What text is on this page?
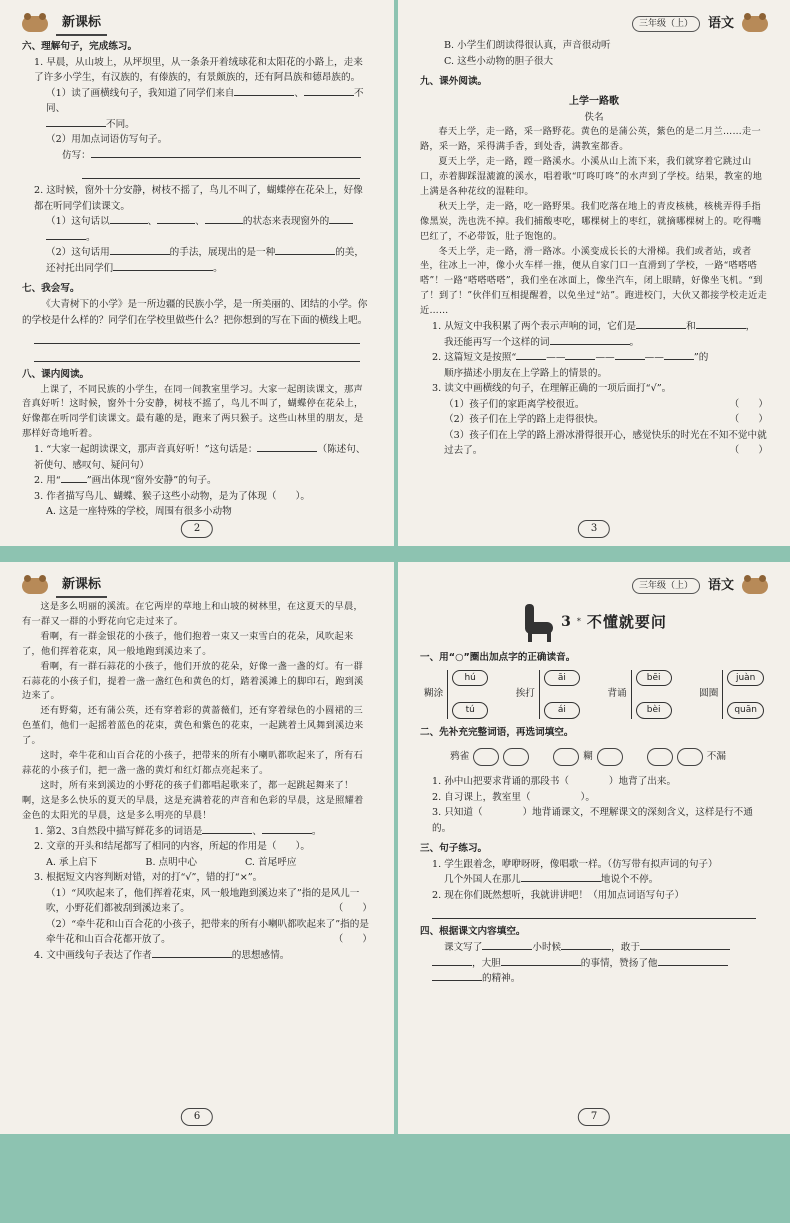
新课标
六、理解句子，完成练习。
1. 早晨，从山坡上，从坪坝里，从一条条开着绒球花和太阳花的小路上，走来了许多小学生，有汉族的，有傣族的，有景颇族的，还有阿昌族和德昂族的。
（1）读了画横线句子，我知道了同学们来自	、	不同、
不同。
（2）用加点词语仿写句子。
仿写：
2. 这时候，窗外十分安静，树枝不摇了，鸟儿不叫了，蝴蝶停在花朵上，好像都在听同学们读课文。
（1）这句话以	、	、	的状态来表现窗外的
。
（2）这句话用	的手法，展现出的是一种	的美，还衬托出同学们	。
七、我会写。
《大青树下的小学》是一所边疆的民族小学，是一所美丽的、团结的小学。你的学校是什么样的？同学们在学校里做些什么？把你想到的写在下面的横线上吧。
八、课内阅读。
上课了，不同民族的小学生，在同一间教室里学习。大家一起朗读课文，那声音真好听！这时候，窗外十分安静，树枝不摇了，鸟儿不叫了，蝴蝶停在花朵上，好像都在听同学们读课文。最有趣的是，跑来了两只猴子。这些山林里的朋友，是那样好奇地听着。
1. “大家一起朗读课文，那声音真好听！”这句话是：	（陈述句、祈使句、感叹句、疑问句）
2. 用“	”画出体现“窗外安静”的句子。
3. 作者描写鸟儿、蝴蝶、猴子这些小动物，是为了体现（　　）。
A. 这是一座特殊的学校，周围有很多小动物
2
三年级（上）	语文
B. 小学生们朗读得很认真，声音很动听
C. 这些小动物的胆子很大
九、课外阅读。
上学一路歌
佚名
春天上学，走一路，采一路野花。黄色的是蒲公英，紫色的是二月兰……走一路，采一路，采得满手香，到处香，满教室都香。
夏天上学，走一路，蹚一路溪水。小溪从山上流下来，我们就穿着它跳过山口，赤着脚踩湿漉漉的溪水，唱着歌“叮咚叮咚”的水声到了学校。结果，教室的地上满是各种花纹的湿鞋印。
秋天上学，走一路，吃一路野果。我们吃落在地上的青皮核桃，核桃弄得手指像黑炭，洗也洗不掉。我们捕酸枣吃，哪棵树上的枣红，就摘哪棵树上的。吃得嘴巴红了，不必带饭，肚子饱饱的。
冬天上学，走一路，滑一路冰。小溪变成长长的大滑梯。我们或者站，或者坐，往冰上一冲，像小火车样一推，便从自家门口一直滑到了学校，一路“嗒嗒嗒嗒”！一路“嗒嗒嗒嗒”，我们坐在冰面上，像坐汽车，闭上眼睛，好像坐飞机。“到了！到了！”伙伴们互相提醒着，以免坐过“站”。跑进校门，大伙又都接学校走近走近……
1. 从短文中我积累了两个表示声响的词，它们是	和	，
我还能再写一个这样的词	。
2. 这篇短文是按照“	——	——	——	”的
顺序描述小朋友在上学路上的情景的。
3. 读文中画横线的句子，在理解正确的一项后面打“√”。
（1）孩子们的家距离学校很近。	（　　）
（2）孩子们在上学的路上走得很快。	（　　）
（3）孩子们在上学的路上滑冰滑得很开心，感觉快乐的时光在不知不觉中就过去了。	（　　）
3
新课标
这是多么明丽的溪流。在它两岸的草地上和山坡的树林里，在这夏天的早晨，有一群又一群的小野花向它走过来了。
看啊，有一群金银花的小孩子，他们抱着一束又一束雪白的花朵，风吹起来了，他们挥着花束，风一般地跑到溪边来了。
看啊，有一群石蒜花的小孩子，他们开放的花朵，好像一盏一盏的灯。有一群石蒜花的小孩子们，提着一盏一盏红色和黄色的灯，踏着溪滩上的脚印石，跑到溪边来了。
还有野菊，还有蒲公英，还有穿着彩的黄蔷薇们，还有穿着绿色的小圆裙的三色堇们，他们一起摇着蓝色的花束，黄色和紫色的花束，一起跳着土风舞到溪边来了。
这时，牵牛花和山百合花的小孩子，把带来的所有小喇叭都吹起来了，所有石蒜花的小孩子们，把一盏一盏的黄灯和红灯都点亮起来了。
这时，所有来到溪边的小野花的孩子们都唱起歌来了，都一起跳起舞来了！啊，这是多么快乐的夏天的早晨，这是充满着花的声音和色彩的早晨，这是照耀着金色的太阳光的早晨，这是多么明亮的早晨！
1. 第2、3自然段中描写鲜花多的词语是	、	。
2. 文章的开头和结尾都写了相同的内容，所起的作用是（　　）。
A. 承上启下	B. 点明中心	C. 首尾呼应
3. 根据短文内容判断对错，对的打“√”，错的打“×”。
（1）“风吹起来了，他们挥着花束，风一般地跑到溪边来了”指的是风儿一吹，小野花们都被刮到溪边来了。	（　　）
（2）“牵牛花和山百合花的小孩子，把带来的所有小喇叭都吹起来了”指的是牵牛花和山百合花都开放了。	（　　）
4. 文中画线句子表达了作者	的思想感情。
6
三年级（上）	语文
3 * 不懂就要问
一、用“○”圈出加点字的正确读音。
糊涂
hú
tú
挨打
āi
ái
背诵
bēi
bèi
圆圈
juàn
quān
二、先补充完整词语，再选词填空。
鸦雀	糊	不漏
1. 孙中山把要求背诵的那段书（	）地背了出来。
2. 自习课上，教室里（	）。
3. 只知道（	）地背诵课文，不理解课文的深刻含义，这样是行不通的。
三、句子练习。
1. 学生跟着念，咿咿呀呀，像唱歌一样。（仿写带有拟声词的句子）
几个外国人在那儿	地说个不停。
2. 现在你们既然想听，我就讲讲吧！（用加点词语写句子）
四、根据课文内容填空。
课文写了	小时候	，敢于
，大胆	的事情，赞扬了他
的精神。
7
